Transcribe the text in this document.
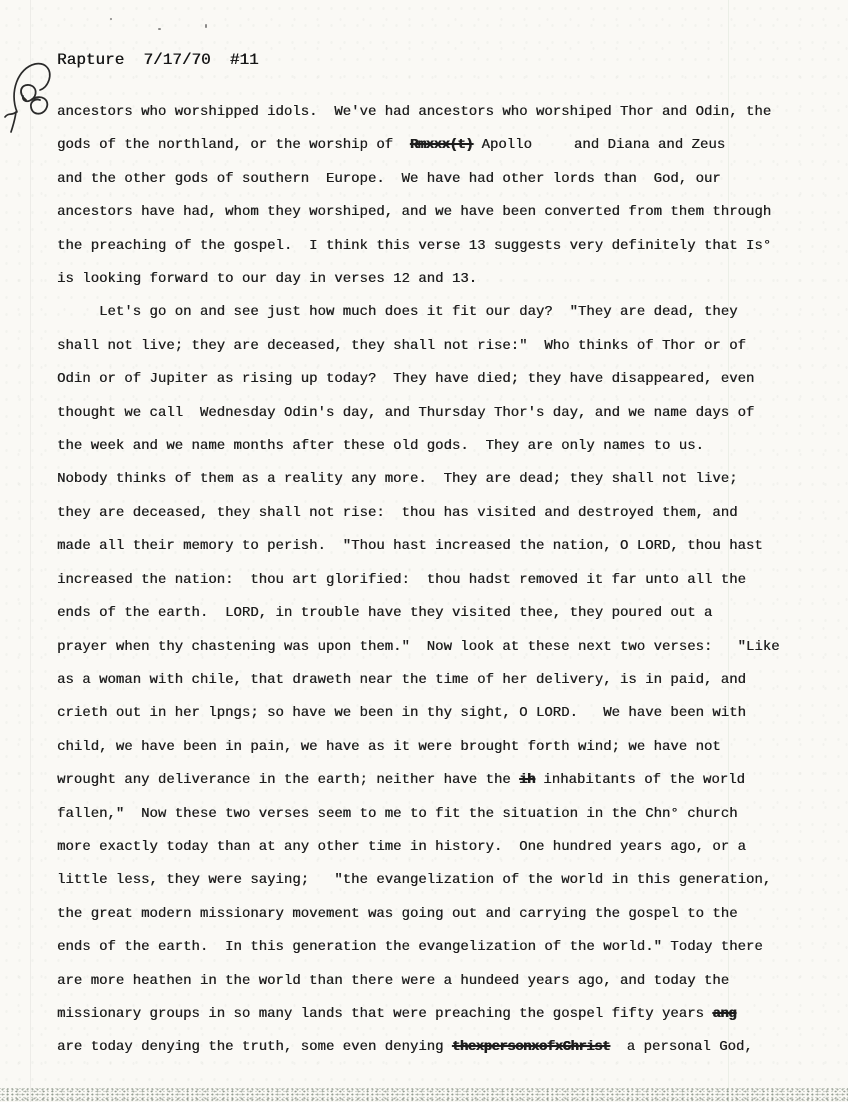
Rapture  7/17/70  #11
ancestors who worshipped idols.  We've had ancestors who worshiped Thor and Odin, the
gods of the northland, or the worship of  Rmxxx(t) Apollo     and Diana and Zeus
and the other gods of southern  Europe.  We have had other lords than  God, our
ancestors have had, whom they worshiped, and we have been converted from them through
the preaching of the gospel.  I think this verse 13 suggests very definitely that Is°
is looking forward to our day in verses 12 and 13.
Let's go on and see just how much does it fit our day?  "They are dead, they
shall not live; they are deceased, they shall not rise:"  Who thinks of Thor or of
Odin or of Jupiter as rising up today?  They have died; they have disappeared, even
thought we call  Wednesday Odin's day, and Thursday Thor's day, and we name days of
the week and we name months after these old gods.  They are only names to us.
Nobody thinks of them as a reality any more.  They are dead; they shall not live;
they are deceased, they shall not rise:  thou has visited and destroyed them, and
made all their memory to perish.  "Thou hast increased the nation, O LORD, thou hast
increased the nation:  thou art glorified:  thou hadst removed it far unto all the
ends of the earth.  LORD, in trouble have they visited thee, they poured out a
prayer when thy chastening was upon them."  Now look at these next two verses:   "Like
as a woman with chile, that draweth near the time of her delivery, is in paid, and
crieth out in her lpngs; so have we been in thy sight, O LORD.   We have been with
child, we have been in pain, we have as it were brought forth wind; we have not
wrought any deliverance in the earth; neither have the ih inhabitants of the world
fallen,"  Now these two verses seem to me to fit the situation in the Chn° church
more exactly today than at any other time in history.  One hundred years ago, or a
little less, they were saying;   "the evangelization of the world in this generation,
the great modern missionary movement was going out and carrying the gospel to the
ends of the earth.  In this generation the evangelization of the world." Today there
are more heathen in the world than there were a hundeed years ago, and today the
missionary groups in so many lands that were preaching the gospel fifty years ang
are today denying the truth, some even denying thexpersonxofxChrist  a personal God,
